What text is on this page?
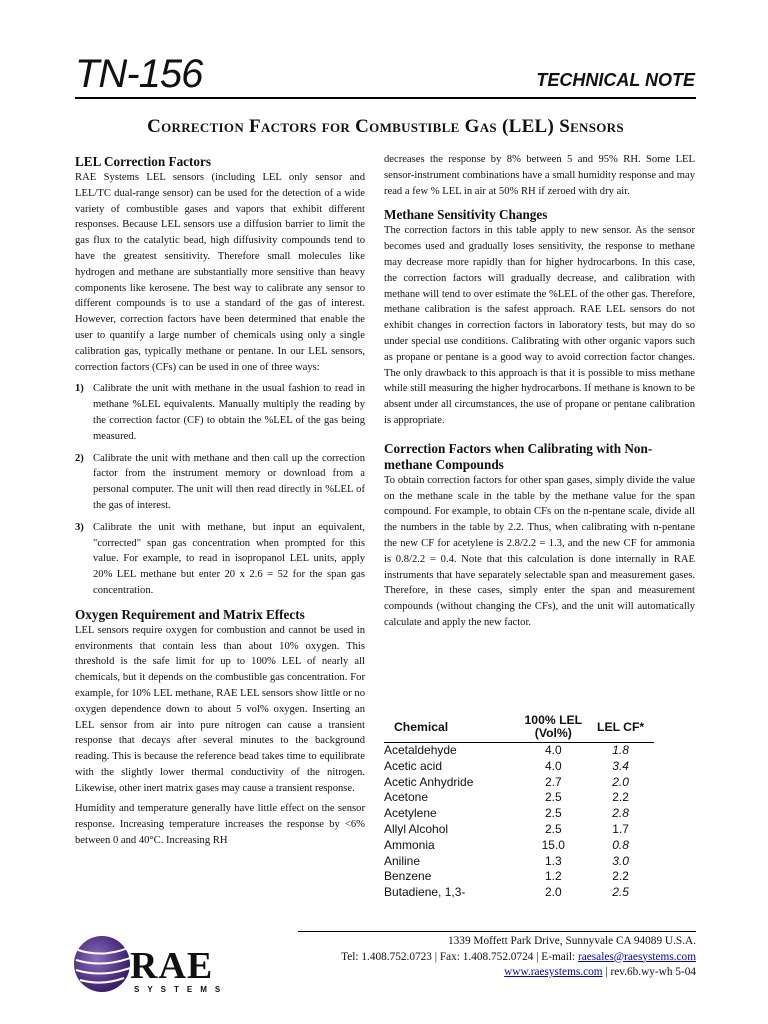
TN-156	TECHNICAL NOTE
Correction Factors for Combustible Gas (LEL) Sensors
LEL Correction Factors

RAE Systems LEL sensors (including LEL only sensor and LEL/TC dual-range sensor) can be used for the detection of a wide variety of combustible gases and vapors that exhibit different responses. Because LEL sensors use a diffusion barrier to limit the gas flux to the catalytic bead, high diffusivity compounds tend to have the greatest sensitivity. Therefore small molecules like hydrogen and methane are substantially more sensitive than heavy components like kerosene. The best way to calibrate any sensor to different compounds is to use a standard of the gas of interest. However, correction factors have been determined that enable the user to quantify a large number of chemicals using only a single calibration gas, typically methane or pentane. In our LEL sensors, correction factors (CFs) can be used in one of three ways:

1) Calibrate the unit with methane in the usual fashion to read in methane %LEL equivalents. Manually multiply the reading by the correction factor (CF) to obtain the %LEL of the gas being measured.
2) Calibrate the unit with methane and then call up the correction factor from the instrument memory or download from a personal computer. The unit will then read directly in %LEL of the gas of interest.
3) Calibrate the unit with methane, but input an equivalent, "corrected" span gas concentration when prompted for this value. For example, to read in isopropanol LEL units, apply 20% LEL methane but enter 20 x 2.6 = 52 for the span gas concentration.
Oxygen Requirement and Matrix Effects

LEL sensors require oxygen for combustion and cannot be used in environments that contain less than about 10% oxygen. This threshold is the safe limit for up to 100% LEL of nearly all chemicals, but it depends on the combustible gas concentration. For example, for 10% LEL methane, RAE LEL sensors show little or no oxygen dependence down to about 5 vol% oxygen. Inserting an LEL sensor from air into pure nitrogen can cause a transient response that decays after several minutes to the background reading. This is because the reference bead takes time to equilibrate with the slightly lower thermal conductivity of the nitrogen. Likewise, other inert matrix gases may cause a transient response.

Humidity and temperature generally have little effect on the sensor response. Increasing temperature increases the response by <6% between 0 and 40°C. Increasing RH

decreases the response by 8% between 5 and 95% RH. Some LEL sensor-instrument combinations have a small humidity response and may read a few % LEL in air at 50% RH if zeroed with dry air.

Methane Sensitivity Changes

The correction factors in this table apply to new sensor. As the sensor becomes used and gradually loses sensitivity, the response to methane may decrease more rapidly than for higher hydrocarbons. In this case, the correction factors will gradually decrease, and calibration with methane will tend to over estimate the %LEL of the other gas. Therefore, methane calibration is the safest approach. RAE LEL sensors do not exhibit changes in correction factors in laboratory tests, but may do so under special use conditions. Calibrating with other organic vapors such as propane or pentane is a good way to avoid correction factor changes. The only drawback to this approach is that it is possible to miss methane while still measuring the higher hydrocarbons. If methane is known to be absent under all circumstances, the use of propane or pentane calibration is appropriate.

Correction Factors when Calibrating with Non-methane Compounds

To obtain correction factors for other span gases, simply divide the value on the methane scale in the table by the methane value for the span compound. For example, to obtain CFs on the n-pentane scale, divide all the numbers in the table by 2.2. Thus, when calibrating with n-pentane the new CF for acetylene is 2.8/2.2 = 1.3, and the new CF for ammonia is 0.8/2.2 = 0.4. Note that this calculation is done internally in RAE instruments that have separately selectable span and measurement gases. Therefore, in these cases, simply enter the span and measurement compounds (without changing the CFs), and the unit will automatically calculate and apply the new factor.

Chemical	100% LEL (Vol%)	LEL CF*
Acetaldehyde	4.0	1.8
Acetic acid	4.0	3.4
Acetic Anhydride	2.7	2.0
Acetone	2.5	2.2
Acetylene	2.5	2.8
Allyl Alcohol	2.5	1.7
Ammonia	15.0	0.8
Aniline	1.3	3.0
Benzene	1.2	2.2
Butadiene, 1,3-	2.0	2.5
RAE
SYSTEMS
1339 Moffett Park Drive, Sunnyvale CA 94089 U.S.A.
Tel: 1.408.752.0723 | Fax: 1.408.752.0724 | E-mail: raesales@raesystems.com
www.raesystems.com | rev.6b.wy-wh 5-04
